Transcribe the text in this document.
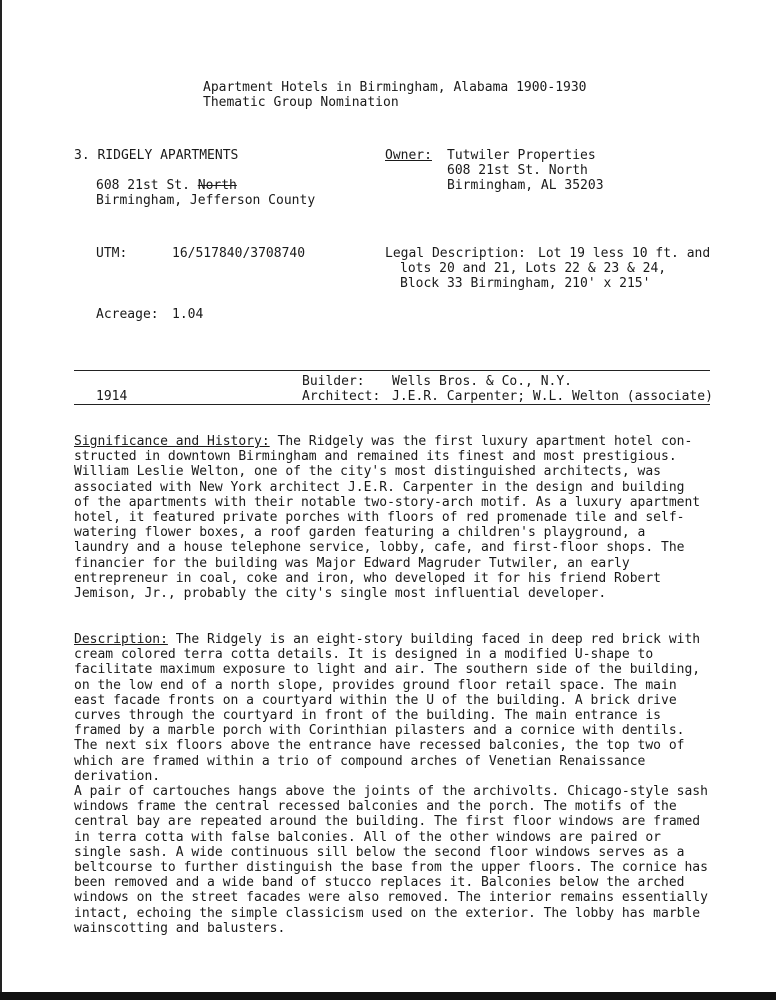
Apartment Hotels in Birmingham, Alabama 1900-1930
Thematic Group Nomination
3. RIDGELY APARTMENTS
608 21st St. North
Birmingham, Jefferson County
Owner: Tutwiler Properties
608 21st St. North
Birmingham, AL 35203
UTM:	16/517840/3708740	Legal Description: Lot 19 less 10 ft. and
lots 20 and 21, Lots 22 & 23 & 24,
Block 33 Birmingham, 210' x 215'
Acreage: 1.04
Builder: Wells Bros. & Co., N.Y.
1914	Architect: J.E.R. Carpenter; W.L. Welton (associate)
Significance and History: The Ridgely was the first luxury apartment hotel con-
structed in downtown Birmingham and remained its finest and most prestigious.
William Leslie Welton, one of the city's most distinguished architects, was
associated with New York architect J.E.R. Carpenter in the design and building
of the apartments with their notable two-story-arch motif. As a luxury apartment
hotel, it featured private porches with floors of red promenade tile and self-
watering flower boxes, a roof garden featuring a children's playground, a
laundry and a house telephone service, lobby, cafe, and first-floor shops. The
financier for the building was Major Edward Magruder Tutwiler, an early
entrepreneur in coal, coke and iron, who developed it for his friend Robert
Jemison, Jr., probably the city's single most influential developer.
Description: The Ridgely is an eight-story building faced in deep red brick with
cream colored terra cotta details. It is designed in a modified U-shape to
facilitate maximum exposure to light and air. The southern side of the building,
on the low end of a north slope, provides ground floor retail space. The main
east facade fronts on a courtyard within the U of the building. A brick drive
curves through the courtyard in front of the building. The main entrance is
framed by a marble porch with Corinthian pilasters and a cornice with dentils.
The next six floors above the entrance have recessed balconies, the top two of
which are framed within a trio of compound arches of Venetian Renaissance derivation.
A pair of cartouches hangs above the joints of the archivolts. Chicago-style sash
windows frame the central recessed balconies and the porch. The motifs of the
central bay are repeated around the building. The first floor windows are framed
in terra cotta with false balconies. All of the other windows are paired or
single sash. A wide continuous sill below the second floor windows serves as a
beltcourse to further distinguish the base from the upper floors. The cornice has
been removed and a wide band of stucco replaces it. Balconies below the arched
windows on the street facades were also removed. The interior remains essentially
intact, echoing the simple classicism used on the exterior. The lobby has marble
wainscotting and balusters.
